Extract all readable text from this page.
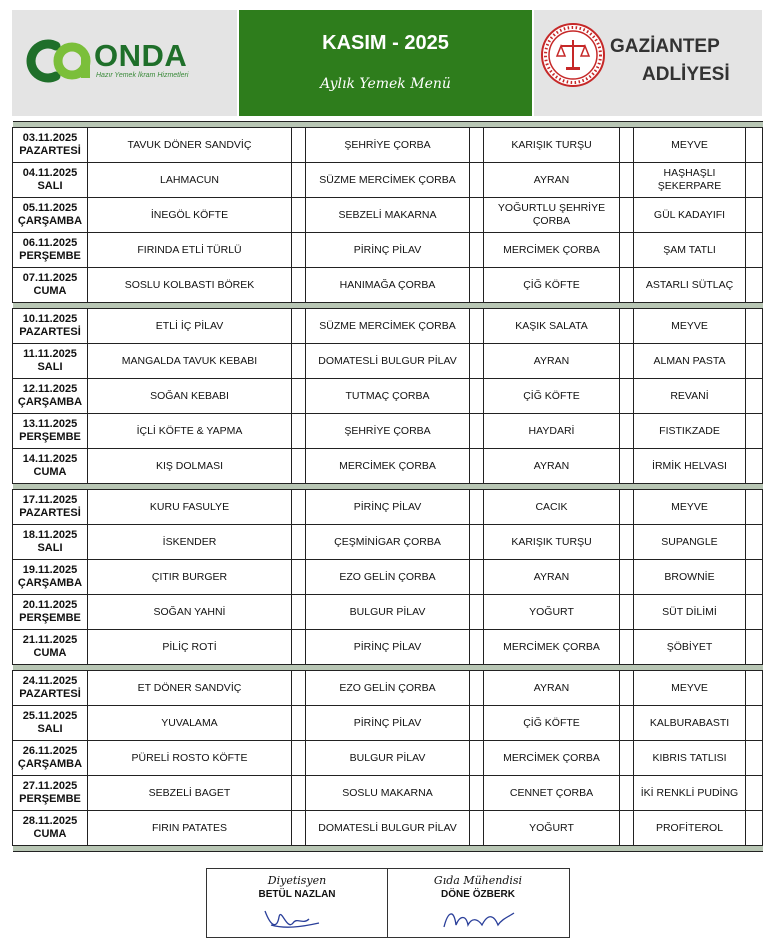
ONDA
Hazır Yemek İkram Hizmetleri
KASIM - 2025
Aylık Yemek Menü
GAZİANTEP
ADLİYESİ

03.11.2025
PAZARTESİ	TAVUK DÖNER SANDVİÇ		ŞEHRİYE ÇORBA		KARIŞIK TURŞU		MEYVE	

04.11.2025
SALI	LAHMACUN		SÜZME MERCİMEK ÇORBA		AYRAN		HAŞHAŞLI ŞEKERPARE	

05.11.2025
ÇARŞAMBA	İNEGÖL KÖFTE		SEBZELİ MAKARNA		YOĞURTLU ŞEHRİYE ÇORBA		GÜL KADAYIFI	

06.11.2025
PERŞEMBE	FIRINDA ETLİ TÜRLÜ		PİRİNÇ PİLAV		MERCİMEK ÇORBA		ŞAM TATLI	

07.11.2025
CUMA	SOSLU KOLBASTI BÖREK		HANIMAĞA ÇORBA		ÇİĞ KÖFTE		ASTARLI SÜTLAÇ	

10.11.2025
PAZARTESİ	ETLİ İÇ PİLAV		SÜZME MERCİMEK ÇORBA		KAŞIK SALATA		MEYVE	

11.11.2025
SALI	MANGALDA TAVUK KEBABI		DOMATESLİ BULGUR PİLAV		AYRAN		ALMAN PASTA	

12.11.2025
ÇARŞAMBA	SOĞAN KEBABI		TUTMAÇ ÇORBA		ÇİĞ KÖFTE		REVANİ	

13.11.2025
PERŞEMBE	İÇLİ KÖFTE & YAPMA		ŞEHRİYE ÇORBA		HAYDARİ		FISTIKZADE	

14.11.2025
CUMA	KIŞ DOLMASI		MERCİMEK ÇORBA		AYRAN		İRMİK HELVASI	

17.11.2025
PAZARTESİ	KURU FASULYE		PİRİNÇ PİLAV		CACIK		MEYVE	

18.11.2025
SALI	İSKENDER		ÇEŞMİNİGAR ÇORBA		KARIŞIK TURŞU		SUPANGLE	

19.11.2025
ÇARŞAMBA	ÇITIR BURGER		EZO GELİN ÇORBA		AYRAN		BROWNİE	

20.11.2025
PERŞEMBE	SOĞAN YAHNİ		BULGUR PİLAV		YOĞURT		SÜT DİLİMİ	

21.11.2025
CUMA	PİLİÇ ROTİ		PİRİNÇ PİLAV		MERCİMEK ÇORBA		ŞÖBİYET	

24.11.2025
PAZARTESİ	ET DÖNER SANDVİÇ		EZO GELİN ÇORBA		AYRAN		MEYVE	

25.11.2025
SALI	YUVALAMA		PİRİNÇ PİLAV		ÇİĞ KÖFTE		KALBURABASTI	

26.11.2025
ÇARŞAMBA	PÜRELİ ROSTO KÖFTE		BULGUR PİLAV		MERCİMEK ÇORBA		KIBRIS TATLISI	

27.11.2025
PERŞEMBE	SEBZELİ BAGET		SOSLU MAKARNA		CENNET ÇORBA		İKİ RENKLİ PUDİNG	

28.11.2025
CUMA	FIRIN PATATES		DOMATESLİ BULGUR PİLAV		YOĞURT		PROFİTEROL	

Diyetisyen
BETÜL NAZLAN
Gıda Mühendisi
DÖNE ÖZBERK
